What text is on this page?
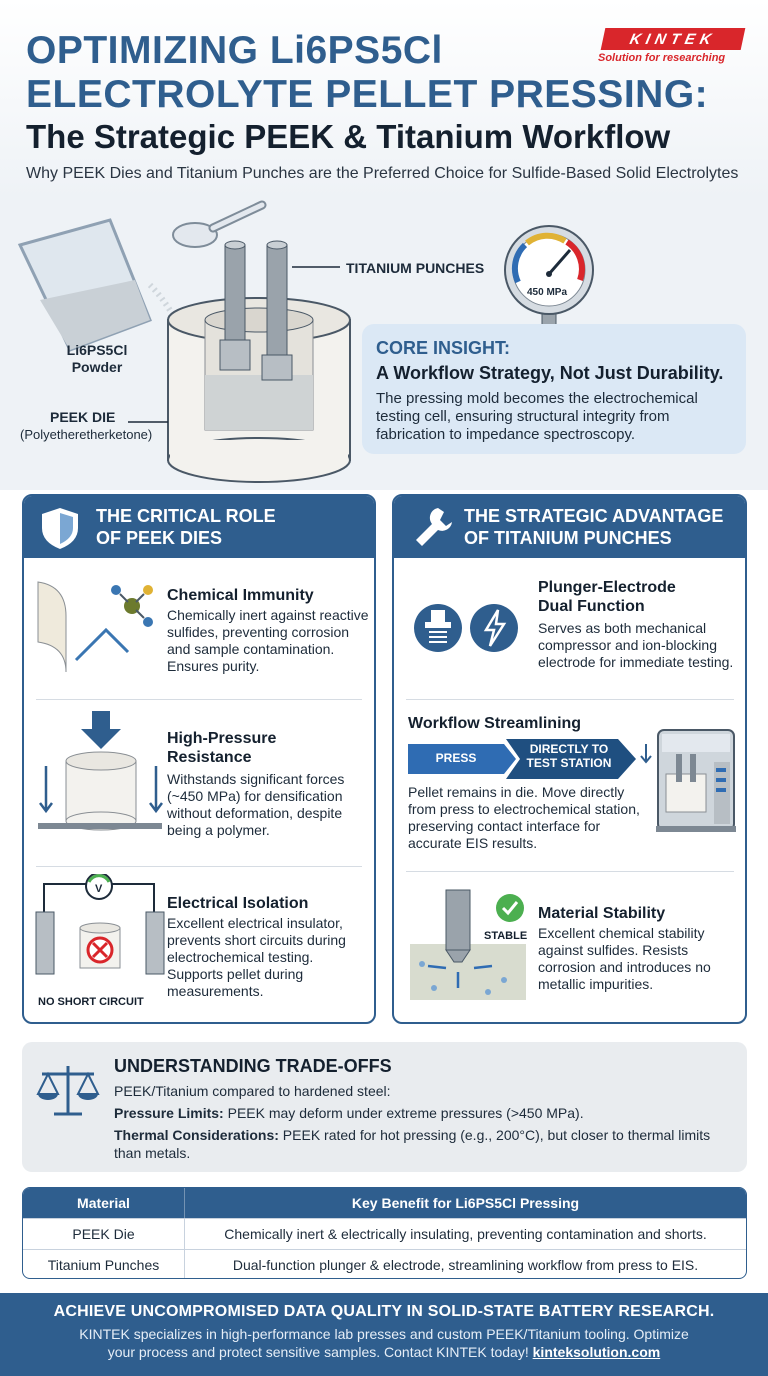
OPTIMIZING Li6PS5Cl
ELECTROLYTE PELLET PRESSING:
The Strategic PEEK & Titanium Workflow
Why PEEK Dies and Titanium Punches are the Preferred Choice for Sulfide-Based Solid Electrolytes
KINTEK
Solution for researching
Li6PS5Cl
Powder
PEEK DIE
(Polyetheretherketone)
TITANIUM PUNCHES
450 MPa
CORE INSIGHT:
A Workflow Strategy, Not Just Durability.
The pressing mold becomes the electrochemical testing cell, ensuring structural integrity from fabrication to impedance spectroscopy.
THE CRITICAL ROLE
OF PEEK DIES
Chemical Immunity
Chemically inert against reactive sulfides, preventing corrosion and sample contamination. Ensures purity.
High-Pressure
Resistance
Withstands significant forces (~450 MPa) for densification without deformation, despite being a polymer.
V
NO SHORT CIRCUIT
Electrical Isolation
Excellent electrical insulator, prevents short circuits during electrochemical testing. Supports pellet during measurements.
THE STRATEGIC ADVANTAGE
OF TITANIUM PUNCHES
Plunger-Electrode
Dual Function
Serves as both mechanical compressor and ion-blocking electrode for immediate testing.
Workflow Streamlining
PRESS
DIRECTLY TO
TEST STATION
Pellet remains in die. Move directly from press to electrochemical station, preserving contact interface for accurate EIS results.
STABLE
Material Stability
Excellent chemical stability against sulfides. Resists corrosion and introduces no metallic impurities.
UNDERSTANDING TRADE-OFFS
PEEK/Titanium compared to hardened steel:
Pressure Limits: PEEK may deform under extreme pressures (>450 MPa).
Thermal Considerations: PEEK rated for hot pressing (e.g., 200°C), but closer to thermal limits than metals.
Material	Key Benefit for Li6PS5Cl Pressing
PEEK Die	Chemically inert & electrically insulating, preventing contamination and shorts.
Titanium Punches	Dual-function plunger & electrode, streamlining workflow from press to EIS.
ACHIEVE UNCOMPROMISED DATA QUALITY IN SOLID-STATE BATTERY RESEARCH.
KINTEK specializes in high-performance lab presses and custom PEEK/Titanium tooling. Optimize
your process and protect sensitive samples. Contact KINTEK today! kinteksolution.com
